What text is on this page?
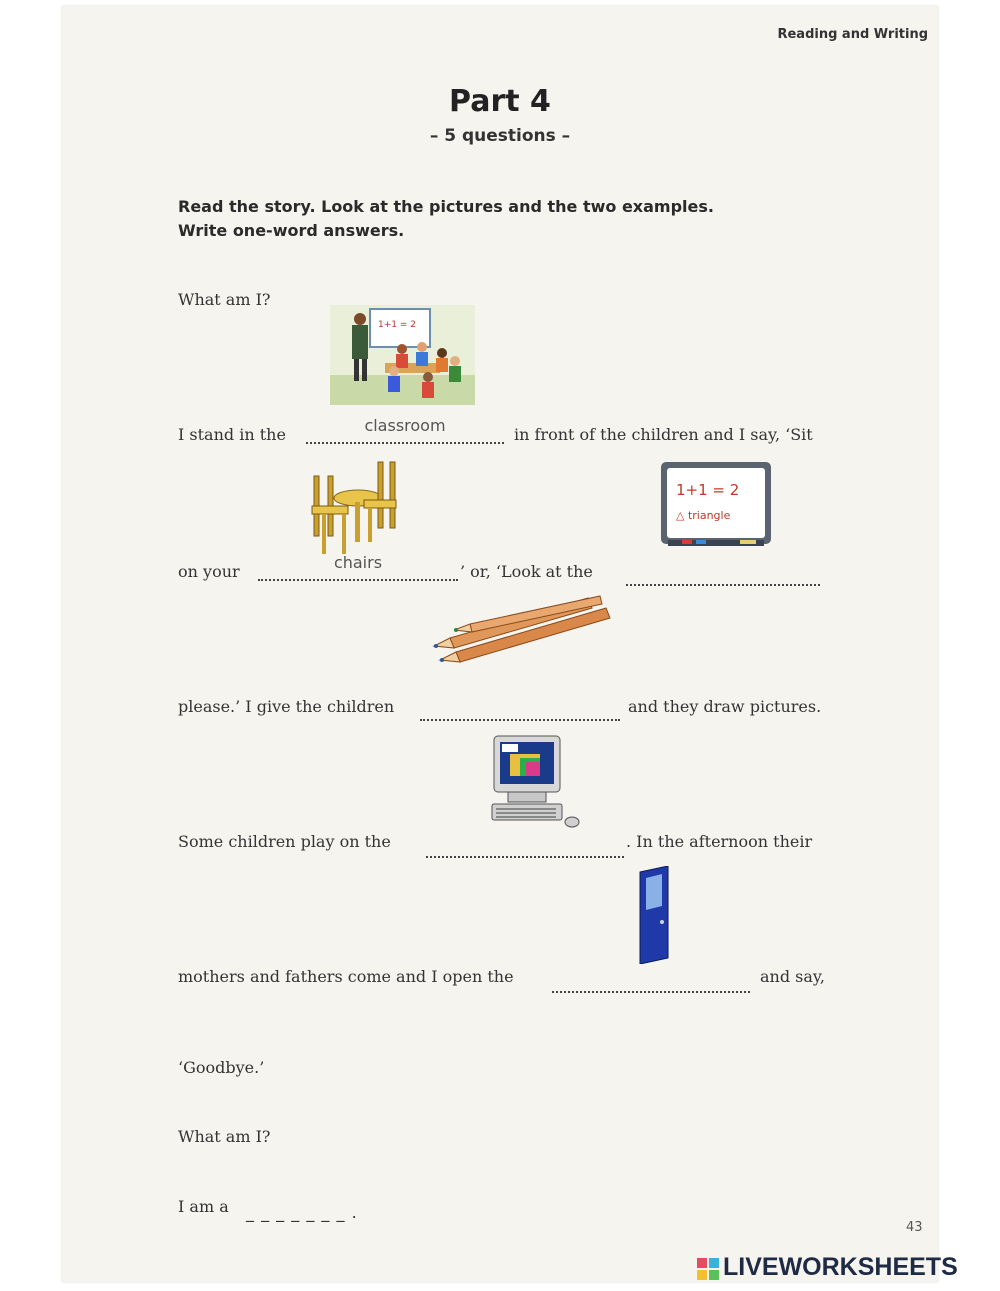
Reading and Writing
Part 4
– 5 questions –
Read the story. Look at the pictures and the two examples.
Write one-word answers.
What am I?
1+1 = 2
I stand in the	classroom	in front of the children and I say, ‘Sit
1+1 = 2
△ triangle
on your	chairs	’ or, ‘Look at the
please.’ I give the children	and they draw pictures.
Some children play on the	. In the afternoon their
mothers and fathers come and I open the	and say,
‘Goodbye.’
What am I?
I am a _ _ _ _ _ _ _ .
43
LIVEWORKSHEETS
